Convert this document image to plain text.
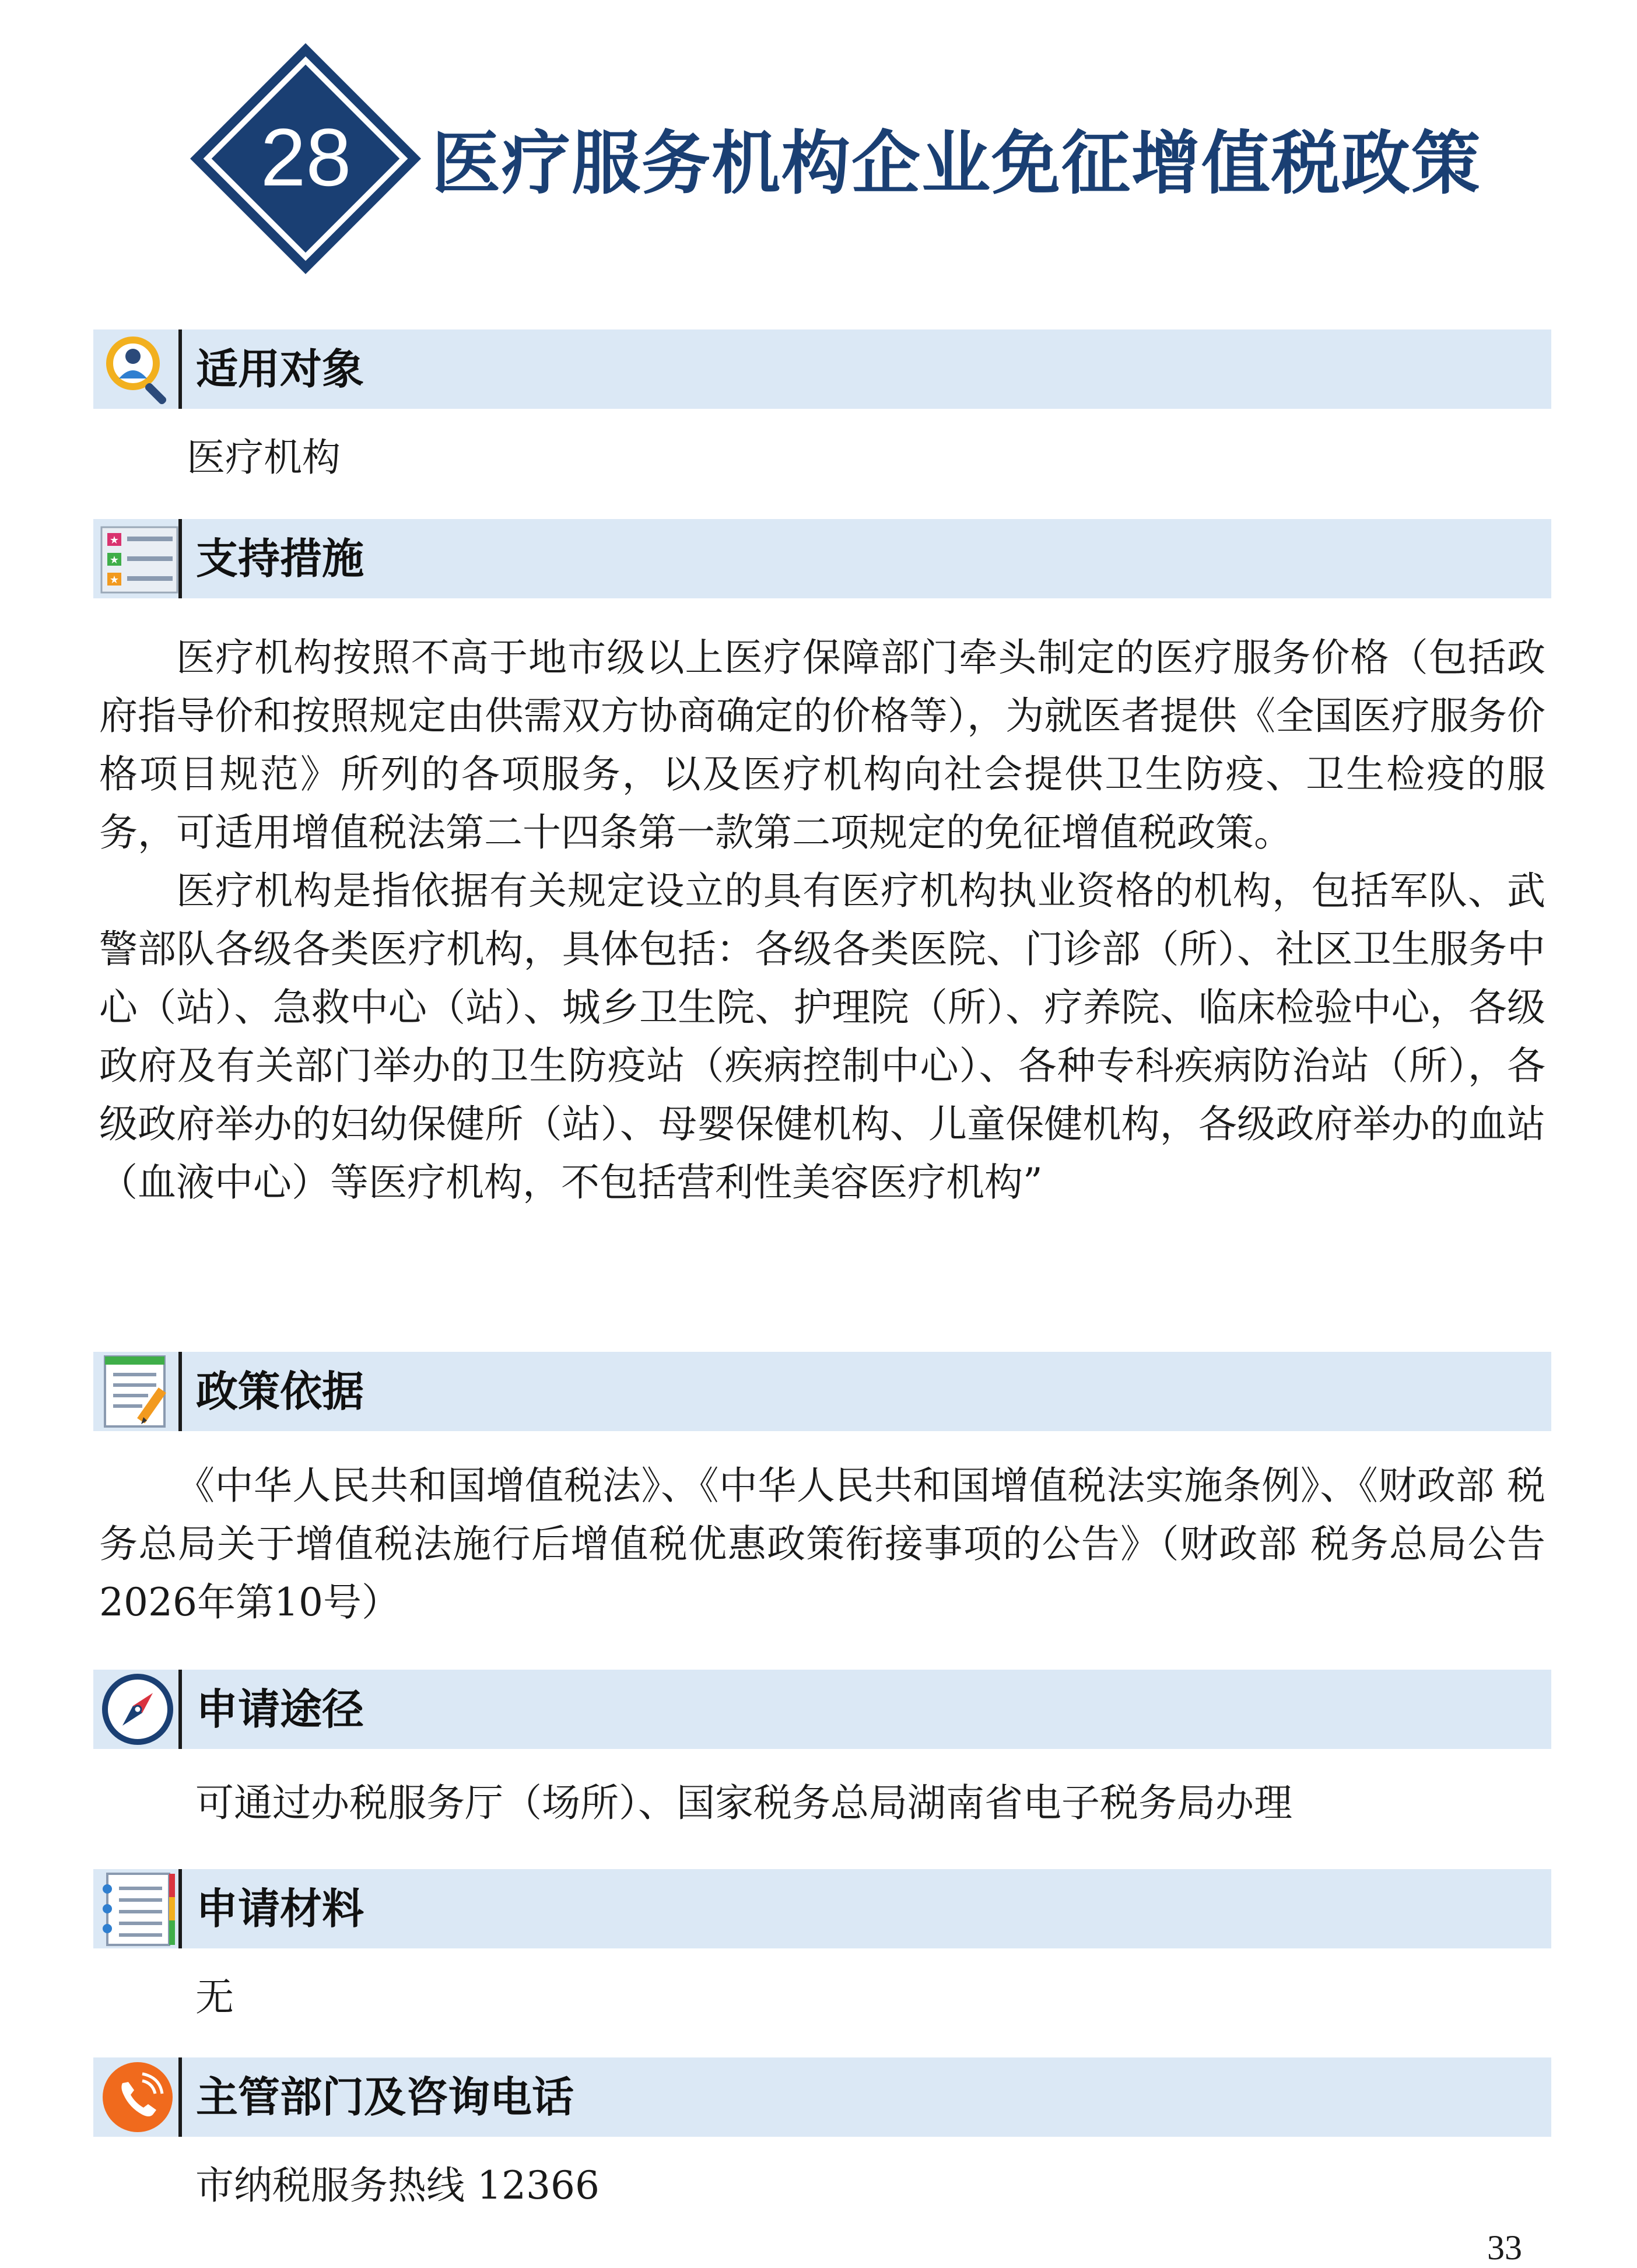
28	医疗服务机构企业免征增值税政策
适用对象
医疗机构
★
★
★ 支持措施

医疗机构按照不高于地市级以上医疗保障部门牵头制定的医疗服务价格（包括政府指导价和按照规定由供需双方协商确定的价格等），为就医者提供《全国医疗服务价格项目规范》所列的各项服务，以及医疗机构向社会提供卫生防疫、卫生检疫的服务，可适用增值税法第二十四条第一款第二项规定的免征增值税政策。

医疗机构是指依据有关规定设立的具有医疗机构执业资格的机构，包括军队、武警部队各级各类医疗机构，具体包括：各级各类医院、门诊部（所）、社区卫生服务中心（站）、急救中心（站）、城乡卫生院、护理院（所）、疗养院、临床检验中心，各级政府及有关部门举办的卫生防疫站（疾病控制中心）、各种专科疾病防治站（所），各级政府举办的妇幼保健所（站）、母婴保健机构、儿童保健机构，各级政府举办的血站（血液中心）等医疗机构，不包括营利性美容医疗机构”

政策依据

《中华人民共和国增值税法》、《中华人民共和国增值税法实施条例》、《财政部 税务总局关于增值税法施行后增值税优惠政策衔接事项的公告》（财政部 税务总局公告2026年第10号）

申请途径
可通过办税服务厅（场所）、国家税务总局湖南省电子税务局办理
申请材料
无
主管部门及咨询电话
市纳税服务热线 12366
33
